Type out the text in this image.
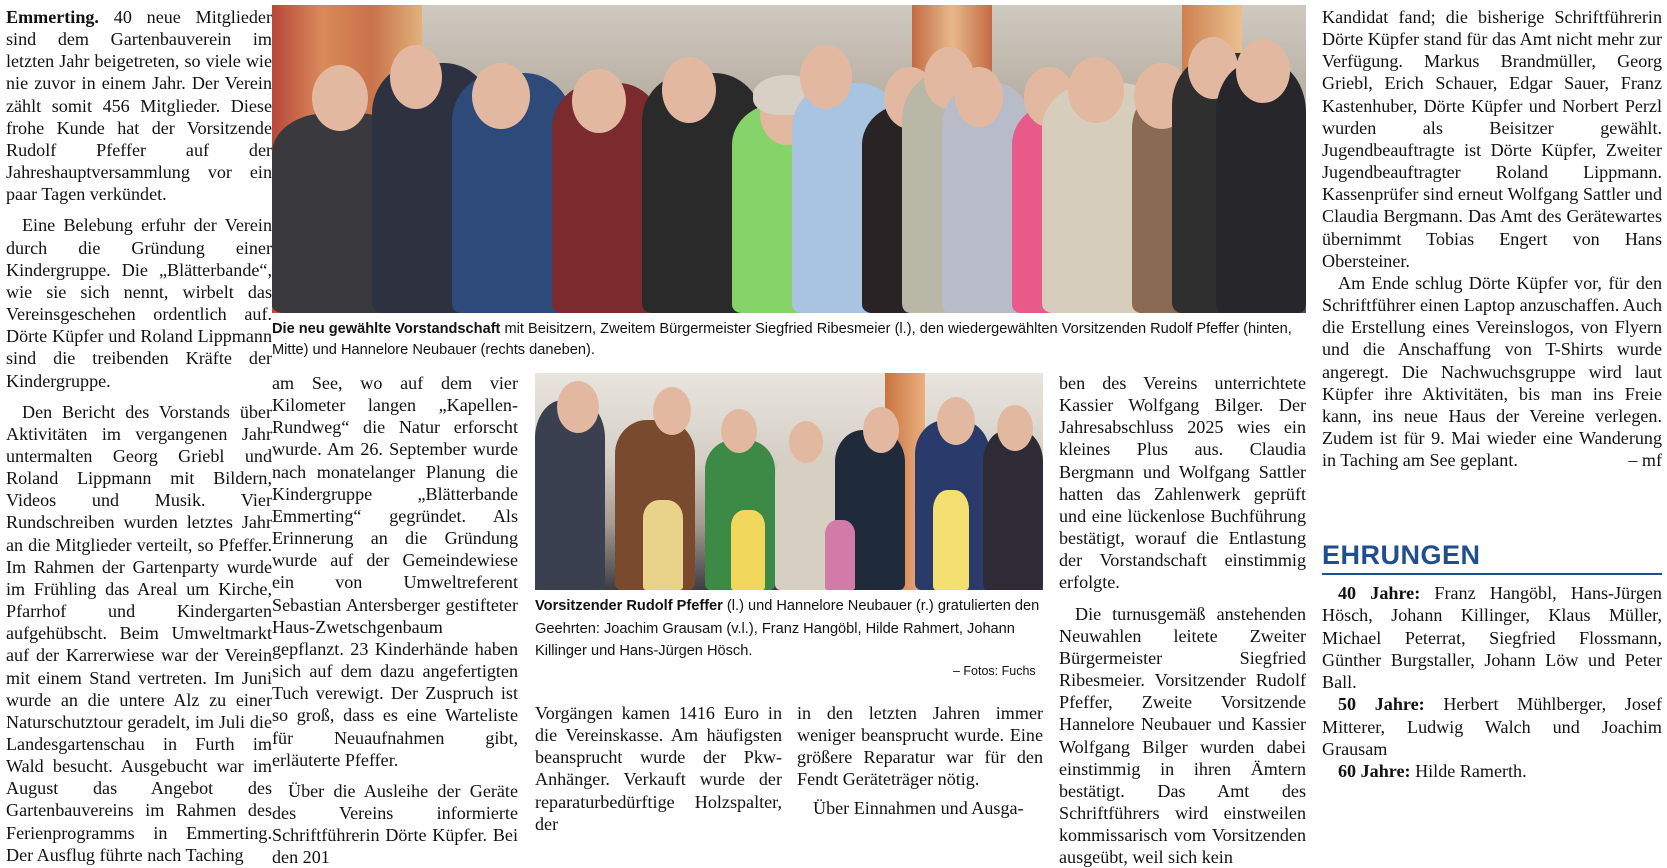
Emmerting. 40 neue Mitglieder sind dem Gartenbauverein im letzten Jahr beigetreten, so viele wie nie zuvor in einem Jahr. Der Verein zählt somit 456 Mitglieder. Diese frohe Kunde hat der Vorsitzende Rudolf Pfeffer auf der Jahreshauptversammlung vor ein paar Tagen verkündet.

Eine Belebung erfuhr der Verein durch die Gründung einer Kindergruppe. Die „Blätterbande“, wie sie sich nennt, wirbelt das Vereinsgeschehen ordentlich auf. Dörte Küpfer und Roland Lippmann sind die treibenden Kräfte der Kindergruppe.

Den Bericht des Vorstands über Aktivitäten im vergangenen Jahr untermalten Georg Griebl und Roland Lippmann mit Bildern, Videos und Musik. Vier Rundschreiben wurden letztes Jahr an die Mitglieder verteilt, so Pfeffer. Im Rahmen der Gartenparty wurde im Frühling das Areal um Kirche, Pfarrhof und Kindergarten aufgehübscht. Beim Umweltmarkt auf der Karrerwiese war der Verein mit einem Stand vertreten. Im Juni wurde an die untere Alz zu einer Naturschutztour geradelt, im Juli die Landesgartenschau in Furth im Wald besucht. Ausgebucht war im August das Angebot des Gartenbauvereins im Rahmen des Ferienprogramms in Emmerting. Der Ausflug führte nach Taching

Die neu gewählte Vorstandschaft mit Beisitzern, Zweitem Bürgermeister Siegfried Ribesmeier (l.), den wiedergewählten Vorsitzenden Rudolf Pfeffer (hinten, Mitte) und Hannelore Neubauer (rechts daneben).

am See, wo auf dem vier Kilometer langen „Kapellen-Rundweg“ die Natur erforscht wurde. Am 26. September wurde nach monatelanger Planung die Kindergruppe „Blätterbande Emmerting“ gegründet. Als Erinnerung an die Gründung wurde auf der Gemeindewiese ein von Umweltreferent Sebastian Antersberger gestifteter Haus-Zwetschgenbaum gepflanzt. 23 Kinderhände haben sich auf dem dazu angefertigten Tuch verewigt. Der Zuspruch ist so groß, dass es eine Warteliste für Neuaufnahmen gibt, erläuterte Pfeffer.

Über die Ausleihe der Geräte des Vereins informierte Schriftführerin Dörte Küpfer. Bei den 201

Vorsitzender Rudolf Pfeffer (l.) und Hannelore Neubauer (r.) gratulierten den Geehrten: Joachim Grausam (v.l.), Franz Hangöbl, Hilde Rahmert, Johann Killinger und Hans-Jürgen Hösch.
– Fotos: Fuchs

Vorgängen kamen 1416 Euro in die Vereinskasse. Am häufigsten beansprucht wurde der Pkw-Anhänger. Verkauft wurde der reparaturbedürftige Holzspalter, der

in den letzten Jahren immer weniger beansprucht wurde. Eine größere Reparatur war für den Fendt Geräteträger nötig.

Über Einnahmen und Ausga-

ben des Vereins unterrichtete Kassier Wolfgang Bilger. Der Jahresabschluss 2025 wies ein kleines Plus aus. Claudia Bergmann und Wolfgang Sattler hatten das Zahlenwerk geprüft und eine lückenlose Buchführung bestätigt, worauf die Entlastung der Vorstandschaft einstimmig erfolgte.

Die turnusgemäß anstehenden Neuwahlen leitete Zweiter Bürgermeister Siegfried Ribesmeier. Vorsitzender Rudolf Pfeffer, Zweite Vorsitzende Hannelore Neubauer und Kassier Wolfgang Bilger wurden dabei einstimmig in ihren Ämtern bestätigt. Das Amt des Schriftführers wird einstweilen kommissarisch vom Vorsitzenden ausgeübt, weil sich kein

Kandidat fand; die bisherige Schriftführerin Dörte Küpfer stand für das Amt nicht mehr zur Verfügung. Markus Brandmüller, Georg Griebl, Erich Schauer, Edgar Sauer, Franz Kastenhuber, Dörte Küpfer und Norbert Perzl wurden als Beisitzer gewählt. Jugendbeauftragte ist Dörte Küpfer, Zweiter Jugendbeauftragter Roland Lippmann. Kassenprüfer sind erneut Wolfgang Sattler und Claudia Bergmann. Das Amt des Gerätewartes übernimmt Tobias Engert von Hans Obersteiner.

Am Ende schlug Dörte Küpfer vor, für den Schriftführer einen Laptop anzuschaffen. Auch die Erstellung eines Vereinslogos, von Flyern und die Anschaffung von T-Shirts wurde angeregt. Die Nachwuchsgruppe wird laut Küpfer ihre Aktivitäten, bis man ins Freie kann, ins neue Haus der Vereine verlegen. Zudem ist für 9. Mai wieder eine Wanderung in Taching am See geplant.	– mf

EHRUNGEN

40 Jahre: Franz Hangöbl, Hans-Jürgen Hösch, Johann Killinger, Klaus Müller, Michael Peterrat, Siegfried Flossmann, Günther Burgstaller, Johann Löw und Peter Ball.

50 Jahre: Herbert Mühlberger, Josef Mitterer, Ludwig Walch und Joachim Grausam

60 Jahre: Hilde Ramerth.
